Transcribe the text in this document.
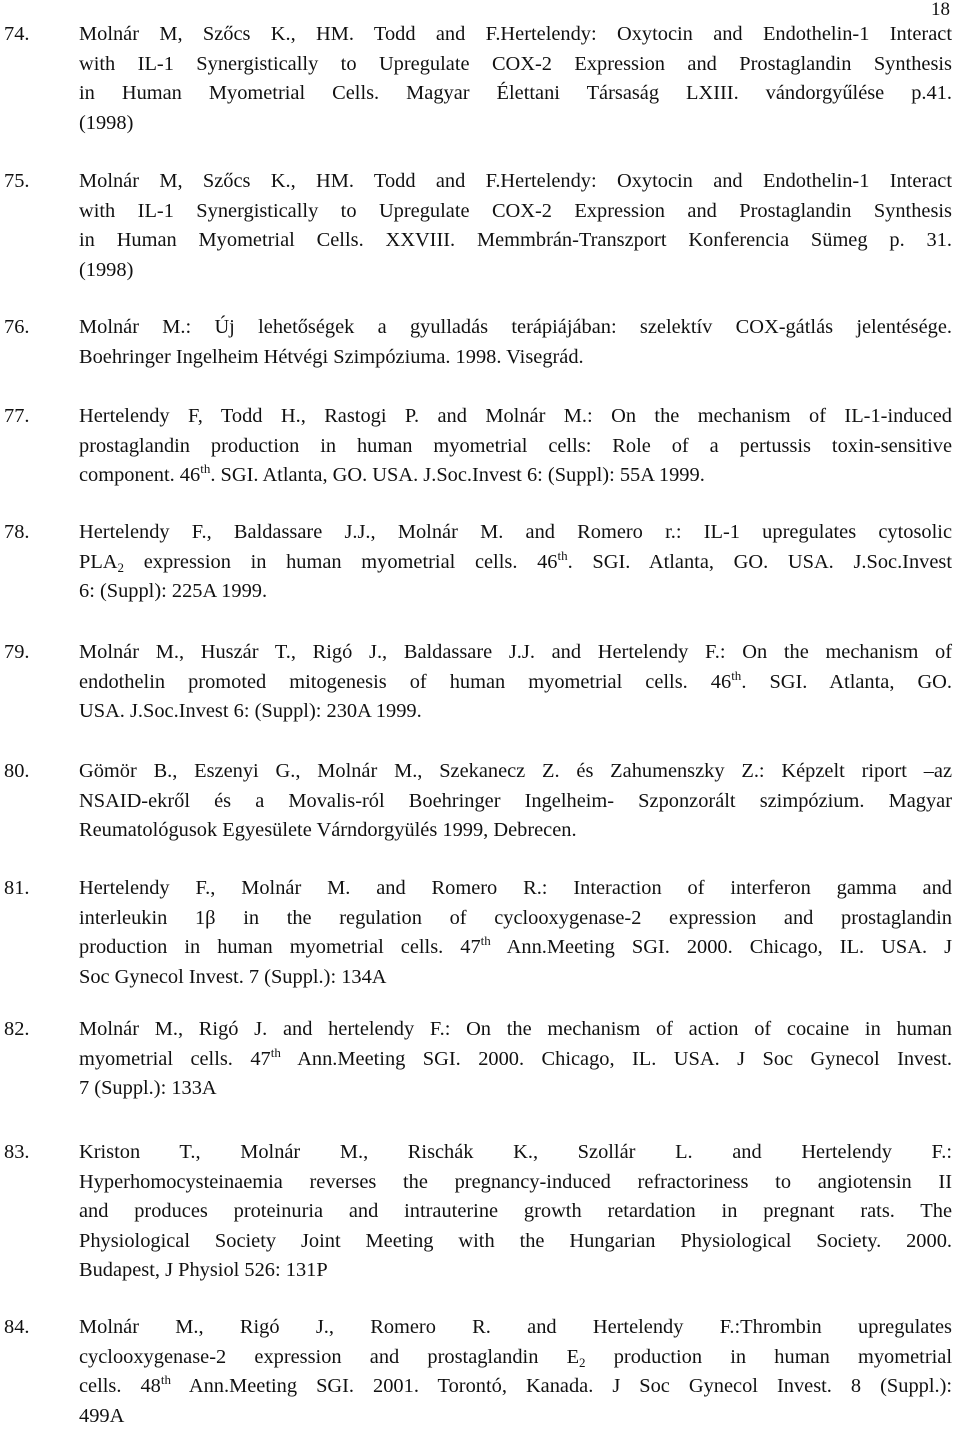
18
74. Molnár M, Szőcs K., HM. Todd and F.Hertelendy: Oxytocin and Endothelin-1 Interact
with IL-1 Synergistically to Upregulate COX-2 Expression and Prostaglandin Synthesis
in Human Myometrial Cells. Magyar Élettani Társaság LXIII. vándorgyűlése p.41.
(1998)
75. Molnár M, Szőcs K., HM. Todd and F.Hertelendy: Oxytocin and Endothelin-1 Interact
with IL-1 Synergistically to Upregulate COX-2 Expression and Prostaglandin Synthesis
in Human Myometrial Cells. XXVIII. Memmbrán-Transzport Konferencia Sümeg p. 31.
(1998)
76. Molnár M.: Új lehetőségek a gyulladás terápiájában: szelektív COX-gátlás jelentésége.
Boehringer Ingelheim Hétvégi Szimpóziuma. 1998. Visegrád.
77. Hertelendy F, Todd H., Rastogi P. and Molnár M.: On the mechanism of IL-1-induced
prostaglandin production in human myometrial cells: Role of a pertussis toxin-sensitive
component. 46th. SGI. Atlanta, GO. USA. J.Soc.Invest 6: (Suppl): 55A 1999.
78. Hertelendy F., Baldassare J.J., Molnár M. and Romero r.: IL-1 upregulates cytosolic
$PLA_2$ expression in human myometrial cells. 46th. SGI. Atlanta, GO. USA. J.Soc.Invest
6: (Suppl): 225A 1999.
79. Molnár M., Huszár T., Rigó J., Baldassare J.J. and Hertelendy F.: On the mechanism of
endothelin promoted mitogenesis of human myometrial cells. 46th. SGI. Atlanta, GO.
USA. J.Soc.Invest 6: (Suppl): 230A 1999.
80. Gömör B., Eszenyi G., Molnár M., Szekanecz Z. és Zahumenszky Z.: Képzelt riport –az
NSAID-ekről és a Movalis-ról Boehringer Ingelheim- Szponzorált szimpózium. Magyar
Reumatológusok Egyesülete Várndorgyülés 1999, Debrecen.
81. Hertelendy F., Molnár M. and Romero R.: Interaction of interferon gamma and
interleukin 1β in the regulation of cyclooxygenase-2 expression and prostaglandin
production in human myometrial cells. 47th Ann.Meeting SGI. 2000. Chicago, IL. USA. J
Soc Gynecol Invest. 7 (Suppl.): 134A
82. Molnár M., Rigó J. and hertelendy F.: On the mechanism of action of cocaine in human
myometrial cells. 47th Ann.Meeting SGI. 2000. Chicago, IL. USA. J Soc Gynecol Invest.
7 (Suppl.): 133A
83. Kriston T., Molnár M., Rischák K., Szollár L. and Hertelendy F.:
Hyperhomocysteinaemia reverses the pregnancy-induced refractoriness to angiotensin II
and produces proteinuria and intrauterine growth retardation in pregnant rats. The
Physiological Society Joint Meeting with the Hungarian Physiological Society. 2000.
Budapest, J Physiol 526: 131P
84. Molnár M., Rigó J., Romero R. and Hertelendy F.:Thrombin upregulates
cyclooxygenase-2 expression and prostaglandin $E_2$ production in human myometrial
cells. 48th Ann.Meeting SGI. 2001. Torontó, Kanada. J Soc Gynecol Invest. 8 (Suppl.):
499A
